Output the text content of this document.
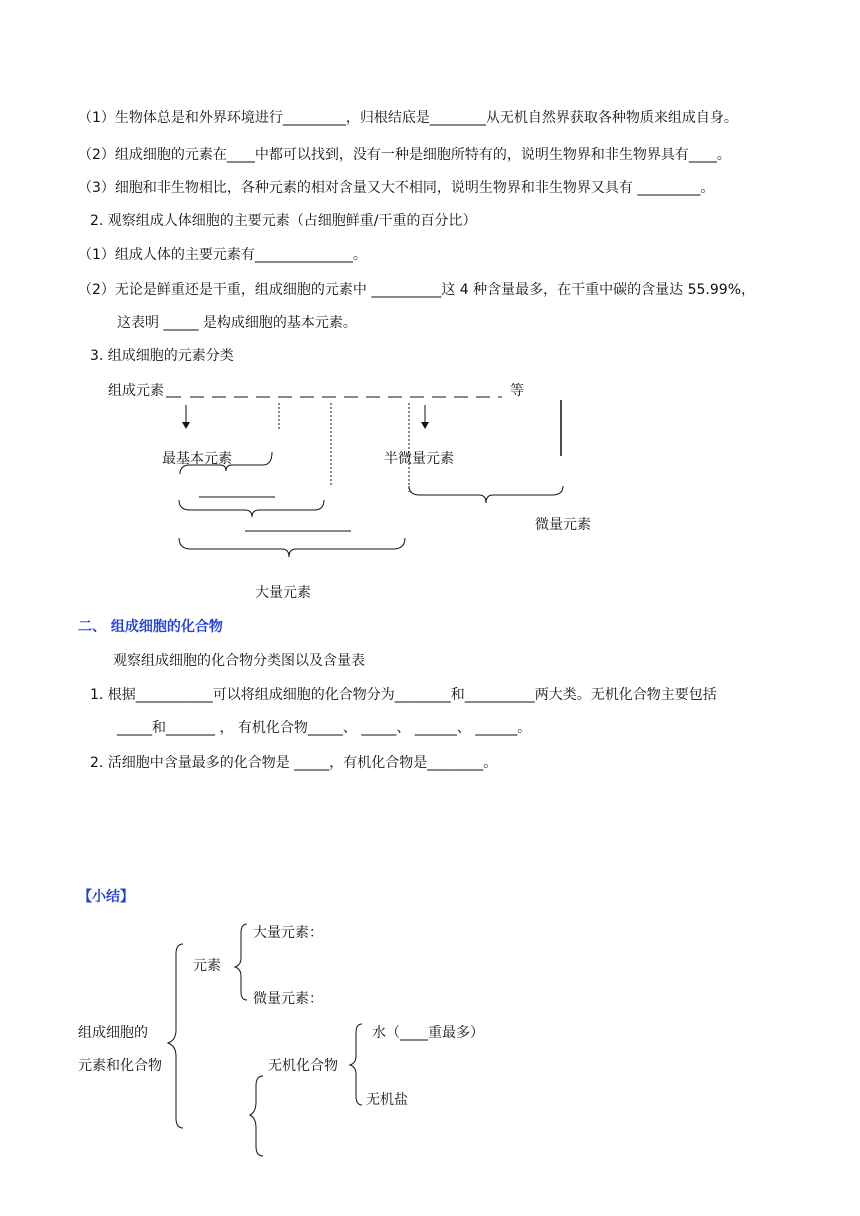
（1）生物体总是和外界环境进行_________，归根结底是________从无机自然界获取各种物质来组成自身。
（2）组成细胞的元素在____中都可以找到，没有一种是细胞所特有的，说明生物界和非生物界具有____。
（3）细胞和非生物相比，各种元素的相对含量又大不相同，说明生物界和非生物界又具有 _________。
2. 观察组成人体细胞的主要元素（占细胞鲜重/干重的百分比）
（1）组成人体的主要元素有______________。
（2）无论是鲜重还是干重，组成细胞的元素中 __________这 4 种含量最多，在干重中碳的含量达 55.99%，
这表明 _____ 是构成细胞的基本元素。
3. 组成细胞的元素分类
组成元素	等
最基本元素	半微量元素
微量元素
大量元素
二、 组成细胞的化合物
观察组成细胞的化合物分类图以及含量表
1. 根据___________可以将组成细胞的化合物分为________和__________两大类。无机化合物主要包括
_____和_______ ， 有机化合物_____、 _____、 ______、 ______。
2. 活细胞中含量最多的化合物是 _____，有机化合物是________。
【小结】
大量元素：
元素
微量元素：
组成细胞的	水（____重最多）
元素和化合物	无机化合物
无机盐
